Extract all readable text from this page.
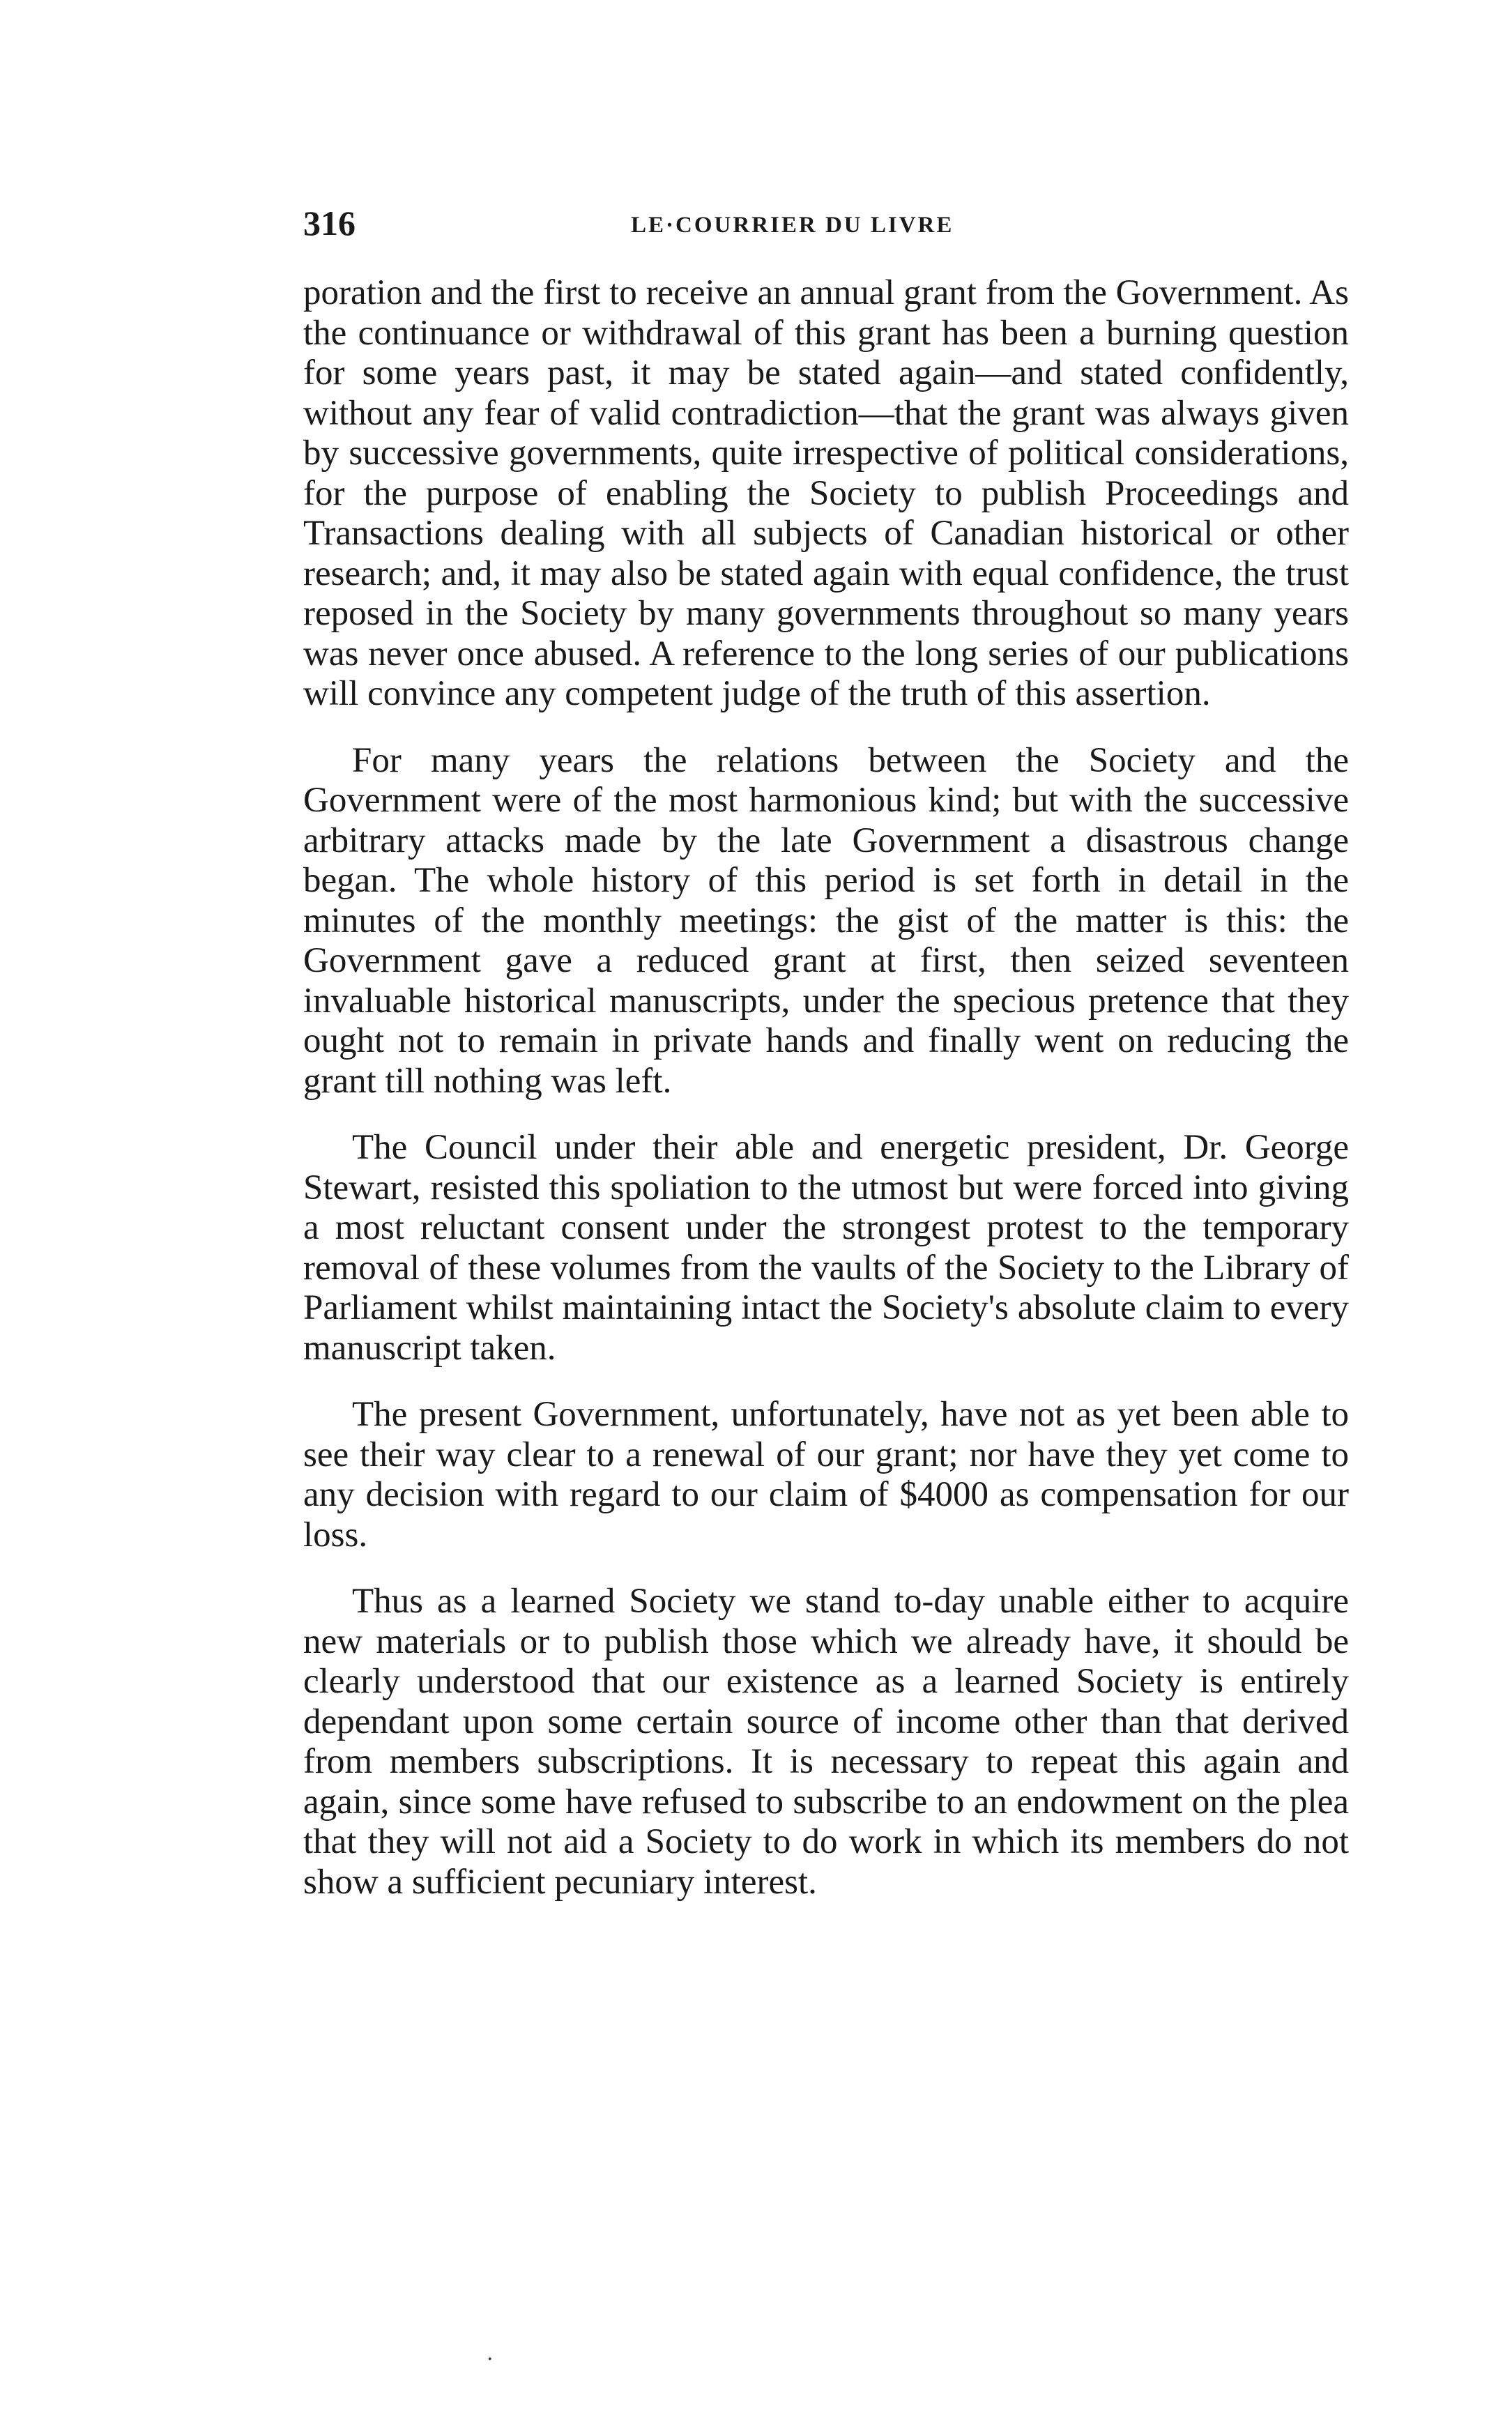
316	LE·COURRIER DU LIVRE

poration and the first to receive an annual grant from the Government. As the continuance or withdrawal of this grant has been a burning question for some years past, it may be stated again—and stated confidently, without any fear of valid contradiction—that the grant was always given by successive governments, quite irrespective of political considerations, for the purpose of enabling the Society to publish Proceedings and Transactions dealing with all subjects of Canadian historical or other research; and, it may also be stated again with equal confidence, the trust reposed in the Society by many governments throughout so many years was never once abused. A reference to the long series of our publications will convince any competent judge of the truth of this assertion.

For many years the relations between the Society and the Government were of the most harmonious kind; but with the successive arbitrary attacks made by the late Government a disastrous change began. The whole history of this period is set forth in detail in the minutes of the monthly meetings: the gist of the matter is this: the Government gave a reduced grant at first, then seized seventeen invaluable historical manuscripts, under the specious pretence that they ought not to remain in private hands and finally went on reducing the grant till nothing was left.

The Council under their able and energetic president, Dr. George Stewart, resisted this spoliation to the utmost but were forced into giving a most reluctant consent under the strongest protest to the temporary removal of these volumes from the vaults of the Society to the Library of Parliament whilst maintaining intact the Society's absolute claim to every manuscript taken.

The present Government, unfortunately, have not as yet been able to see their way clear to a renewal of our grant; nor have they yet come to any decision with regard to our claim of $4000 as compensation for our loss.

Thus as a learned Society we stand to-day unable either to acquire new materials or to publish those which we already have, it should be clearly understood that our existence as a learned Society is entirely dependant upon some certain source of income other than that derived from members subscriptions. It is necessary to repeat this again and again, since some have refused to subscribe to an endowment on the plea that they will not aid a Society to do work in which its members do not show a sufficient pecuniary interest.

·
